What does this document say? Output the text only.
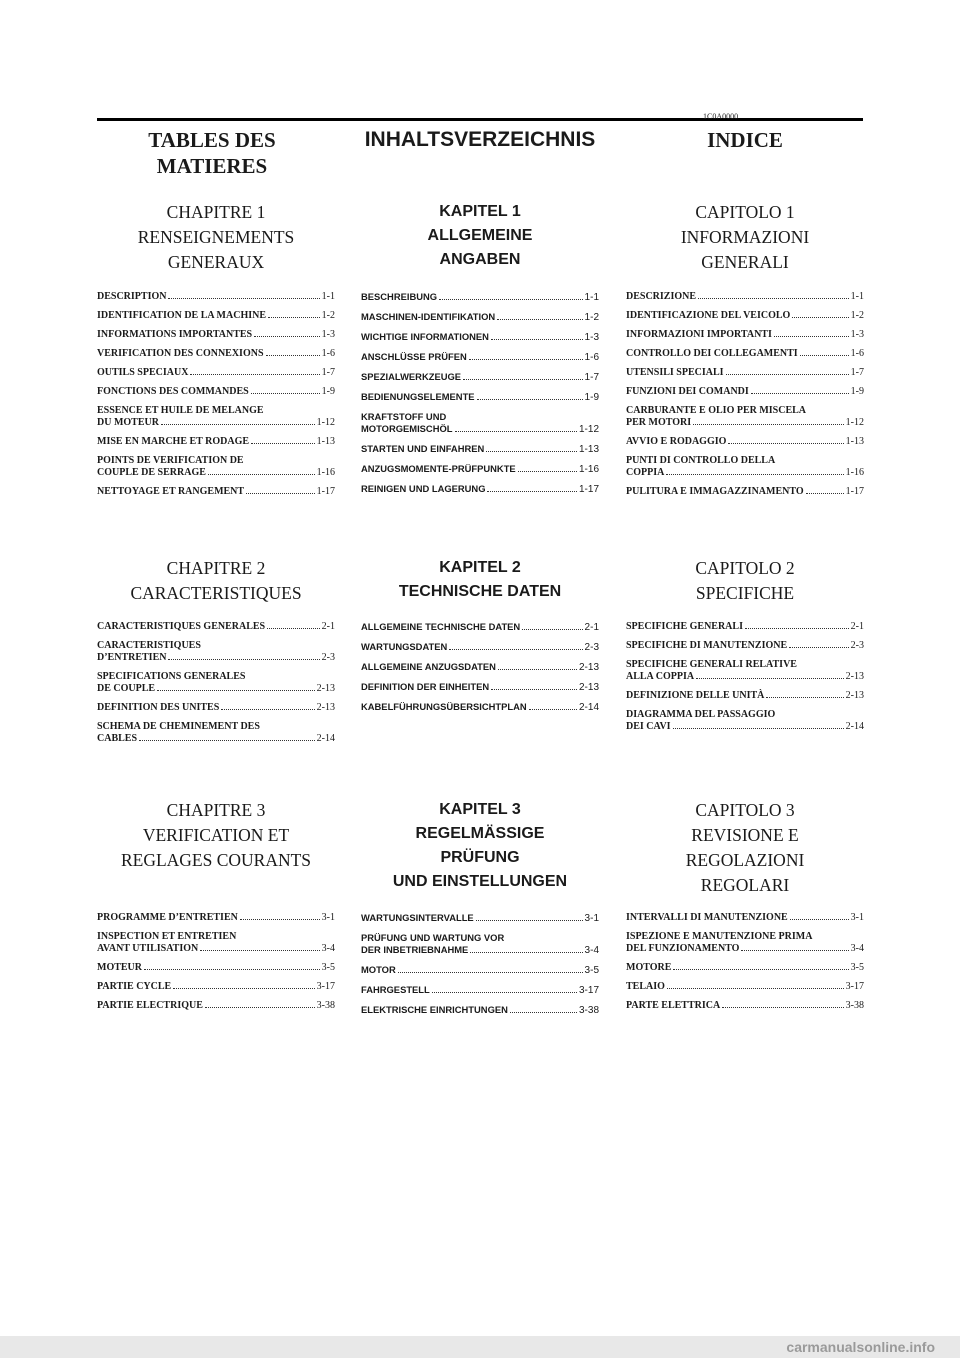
1C0A0000
TABLES DES MATIERES
INHALTSVERZEICHNIS	INDICE
CHAPITRE 1
RENSEIGNEMENTS
GENERAUX
KAPITEL 1
ALLGEMEINE
ANGABEN
CAPITOLO 1
INFORMAZIONI
GENERALI
DESCRIPTION	1-1
IDENTIFICATION DE LA MACHINE	1-2
INFORMATIONS IMPORTANTES	1-3
VERIFICATION DES CONNEXIONS	1-6
OUTILS SPECIAUX	1-7
FONCTIONS DES COMMANDES	1-9
ESSENCE ET HUILE DE MELANGE
DU MOTEUR	1-12
MISE EN MARCHE ET RODAGE	1-13
POINTS DE VERIFICATION DE
COUPLE DE SERRAGE	1-16
NETTOYAGE ET RANGEMENT	1-17
BESCHREIBUNG	1-1
MASCHINEN-IDENTIFIKATION	1-2
WICHTIGE INFORMATIONEN	1-3
ANSCHLÜSSE PRÜFEN	1-6
SPEZIALWERKZEUGE	1-7
BEDIENUNGSELEMENTE	1-9
KRAFTSTOFF UND
MOTORGEMISCHÖL	1-12
STARTEN UND EINFAHREN	1-13
ANZUGSMOMENTE-PRÜFPUNKTE	1-16
REINIGEN UND LAGERUNG	1-17
DESCRIZIONE	1-1
IDENTIFICAZIONE DEL VEICOLO	1-2
INFORMAZIONI IMPORTANTI	1-3
CONTROLLO DEI COLLEGAMENTI	1-6
UTENSILI SPECIALI	1-7
FUNZIONI DEI COMANDI	1-9
CARBURANTE E OLIO PER MISCELA
PER MOTORI	1-12
AVVIO E RODAGGIO	1-13
PUNTI DI CONTROLLO DELLA
COPPIA	1-16
PULITURA E IMMAGAZZINAMENTO	1-17
CHAPITRE 2
CARACTERISTIQUES
KAPITEL 2
TECHNISCHE DATEN
CAPITOLO 2
SPECIFICHE
CARACTERISTIQUES GENERALES	2-1
CARACTERISTIQUES
D’ENTRETIEN	2-3
SPECIFICATIONS GENERALES
DE COUPLE	2-13
DEFINITION DES UNITES	2-13
SCHEMA DE CHEMINEMENT DES
CABLES	2-14
ALLGEMEINE TECHNISCHE DATEN	2-1
WARTUNGSDATEN	2-3
ALLGEMEINE ANZUGSDATEN	2-13
DEFINITION DER EINHEITEN	2-13
KABELFÜHRUNGSÜBERSICHTPLAN	2-14
SPECIFICHE GENERALI	2-1
SPECIFICHE DI MANUTENZIONE	2-3
SPECIFICHE GENERALI RELATIVE
ALLA COPPIA	2-13
DEFINIZIONE DELLE UNITÀ	2-13
DIAGRAMMA DEL PASSAGGIO
DEI CAVI	2-14
CHAPITRE 3
VERIFICATION ET
REGLAGES COURANTS
KAPITEL 3
REGELMÄSSIGE
PRÜFUNG
UND EINSTELLUNGEN
CAPITOLO 3
REVISIONE E
REGOLAZIONI
REGOLARI
PROGRAMME D’ENTRETIEN	3-1
INSPECTION ET ENTRETIEN
AVANT UTILISATION	3-4
MOTEUR	3-5
PARTIE CYCLE	3-17
PARTIE ELECTRIQUE	3-38
WARTUNGSINTERVALLE	3-1
PRÜFUNG UND WARTUNG VOR
DER INBETRIEBNAHME	3-4
MOTOR	3-5
FAHRGESTELL	3-17
ELEKTRISCHE EINRICHTUNGEN	3-38
INTERVALLI DI MANUTENZIONE	3-1
ISPEZIONE E MANUTENZIONE PRIMA
DEL FUNZIONAMENTO	3-4
MOTORE	3-5
TELAIO	3-17
PARTE ELETTRICA	3-38
carmanualsonline.info
